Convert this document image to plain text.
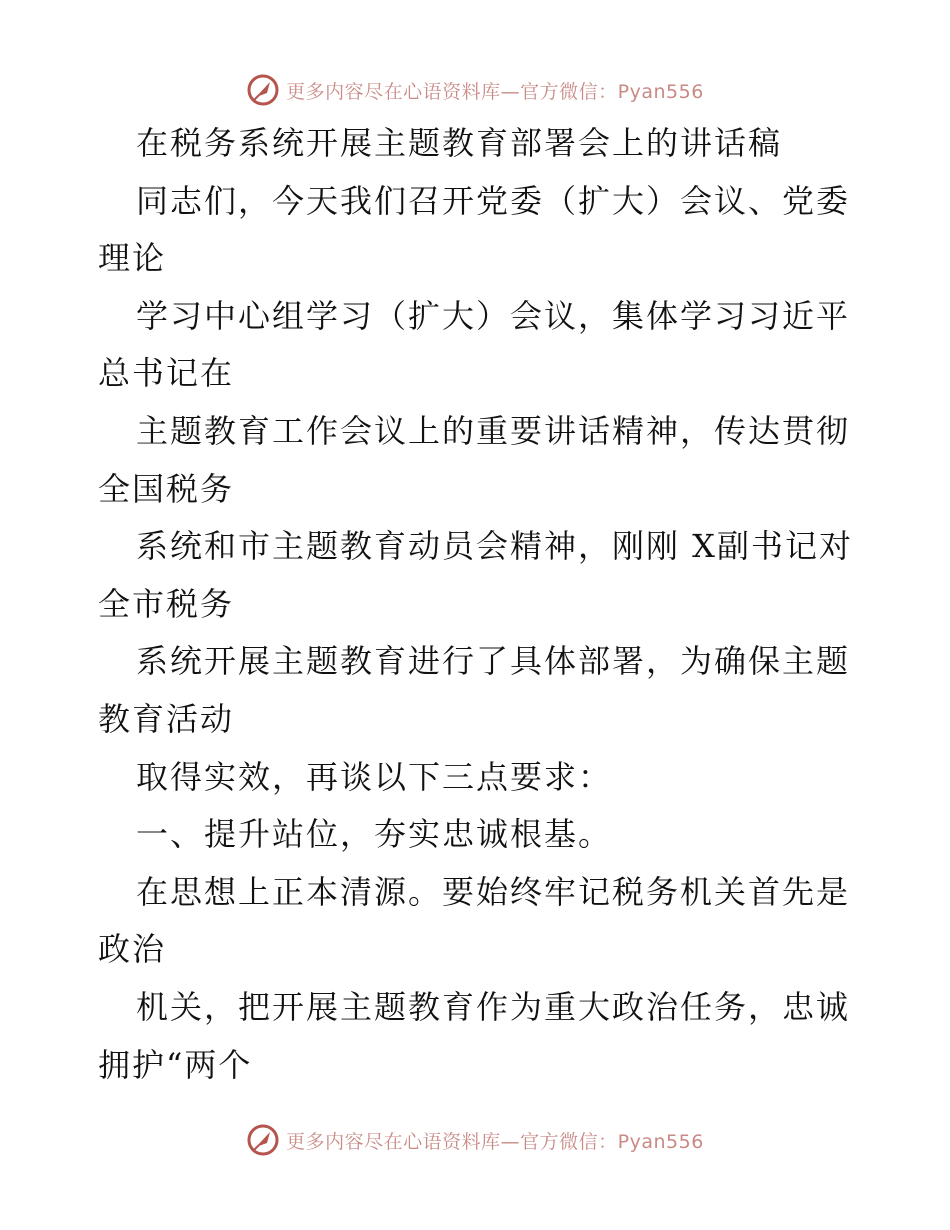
更多内容尽在心语资料库—官方微信：Pyan556

在税务系统开展主题教育部署会上的讲话稿

同志们，今天我们召开党委（扩大）会议、党委理论

学习中心组学习（扩大）会议，集体学习习近平总书记在

主题教育工作会议上的重要讲话精神，传达贯彻全国税务

系统和市主题教育动员会精神，刚刚 X副书记对全市税务

系统开展主题教育进行了具体部署，为确保主题教育活动

取得实效，再谈以下三点要求：

一、提升站位，夯实忠诚根基。

在思想上正本清源。要始终牢记税务机关首先是政治

机关，把开展主题教育作为重大政治任务，忠诚拥护“两个

更多内容尽在心语资料库—官方微信：Pyan556
